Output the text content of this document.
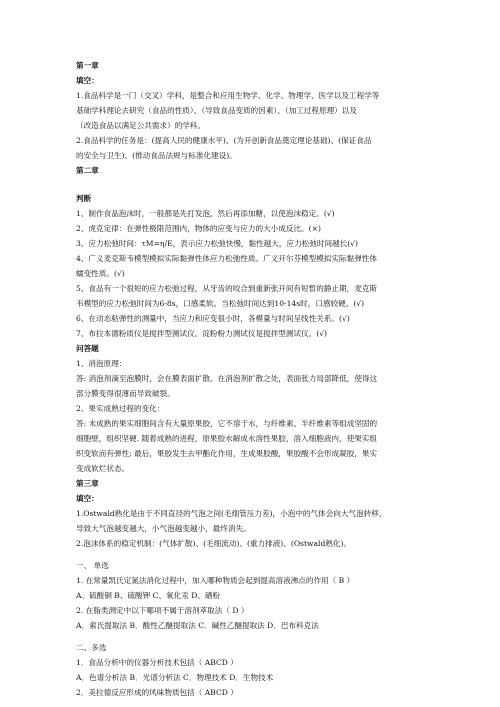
第一章
填空：
1.食品科学是一门（交叉）学科，是整合和应用生物学、化学、物理学、医学以及工程学等
基础学科理论去研究（食品的性质）、（导致食品变质的因素）、（加工过程原理）以及
（改造食品以满足公共需求）的学科。
2.食品科学的任务是：(提高人民的健康水平)、(为开创新食品奠定理论基础)、(保证食品
的安全与卫生)、(推动食品法规与标准化建设)。
第二章
判断
1、制作食品泡沫时，一般都是先打发泡，然后再添加糖，以使泡沫稳定。(√)
2、虎克定律：在弹性极限范围内，物体的应变与应力的大小成反比。(×)
3、应力松弛时间：τM=η/E，表示应力松弛快慢，黏性越大，应力松弛时间越长(√)
4、广义麦克斯韦模型模拟实际黏弹性体应力松弛性质。广义开尔芬模型模拟实际黏弹性体
蠕变性质。(√)
5、食品有一个很短的应力松弛过程，从牙齿的咬合到重新张开间有短暂的静止期，麦克斯
韦模型的应力松弛时间为6-8s，口感柔软。当松弛时间达到10-14s时，口感较硬。(√)
6、在动态粘弹性的测量中，当应力和应变很小时，各模量与时间呈线性关系。(√)
7、布拉本德粉质仪是搅拌型测试仪。淀粉粉力测试仪是搅拌型测试仪。(√)
问答题
1、消泡原理：
答: 消泡剂滴至泡膜时，会在膜表面扩散。在消泡剂扩散之处，表面张力局部降低，使得这
部分膜变得很薄而导致破裂。
2、果实成熟过程的变化：
答: 未成熟的果实细胞间含有大量原果胶，它不溶于水，与纤维素、半纤维素等组成坚固的
细胞壁，组织坚硬. 随着成熟的进程，原果胶水解成水溶性果胶，溶入细胞液内，使果实组
织变软而有弹性; 最后，果胶发生去甲酯化作用，生成果胶酸，果胶酸不会形成凝胶，果实
变成软烂状态。
第三章
填空：
1.Ostwald熟化是由于不同直径的气泡之间(毛细管压力差)，小泡中的气体会向大气泡转移，
导致大气泡越变越大，小气泡越变越小，最终消失。
2.泡沫体系的稳定机制：(气体扩散)、(毛细流动)、(重力排液)、(Ostwald熟化)。
一、 单选
1. 在常量凯氏定氮法消化过程中，加入哪种物质会起到提高溶液沸点的作用（ B ）
A、硫酸铜 B、硫酸钾 C、氧化汞 D、硒粉
2. 在脂类测定中以下哪项不属于溶剂萃取法（ D ）
A．索氏提取法 B．酸性乙醚提取法 C．碱性乙醚提取法 D．巴布科克法
二、多选
1．食品分析中的仪器分析技术包括（ ABCD ）
A．色谱分析法 B．光谱分析法 C．物理技术 D．生物技术
2．美拉德反应形成的风味物质包括（ ABCD ）
